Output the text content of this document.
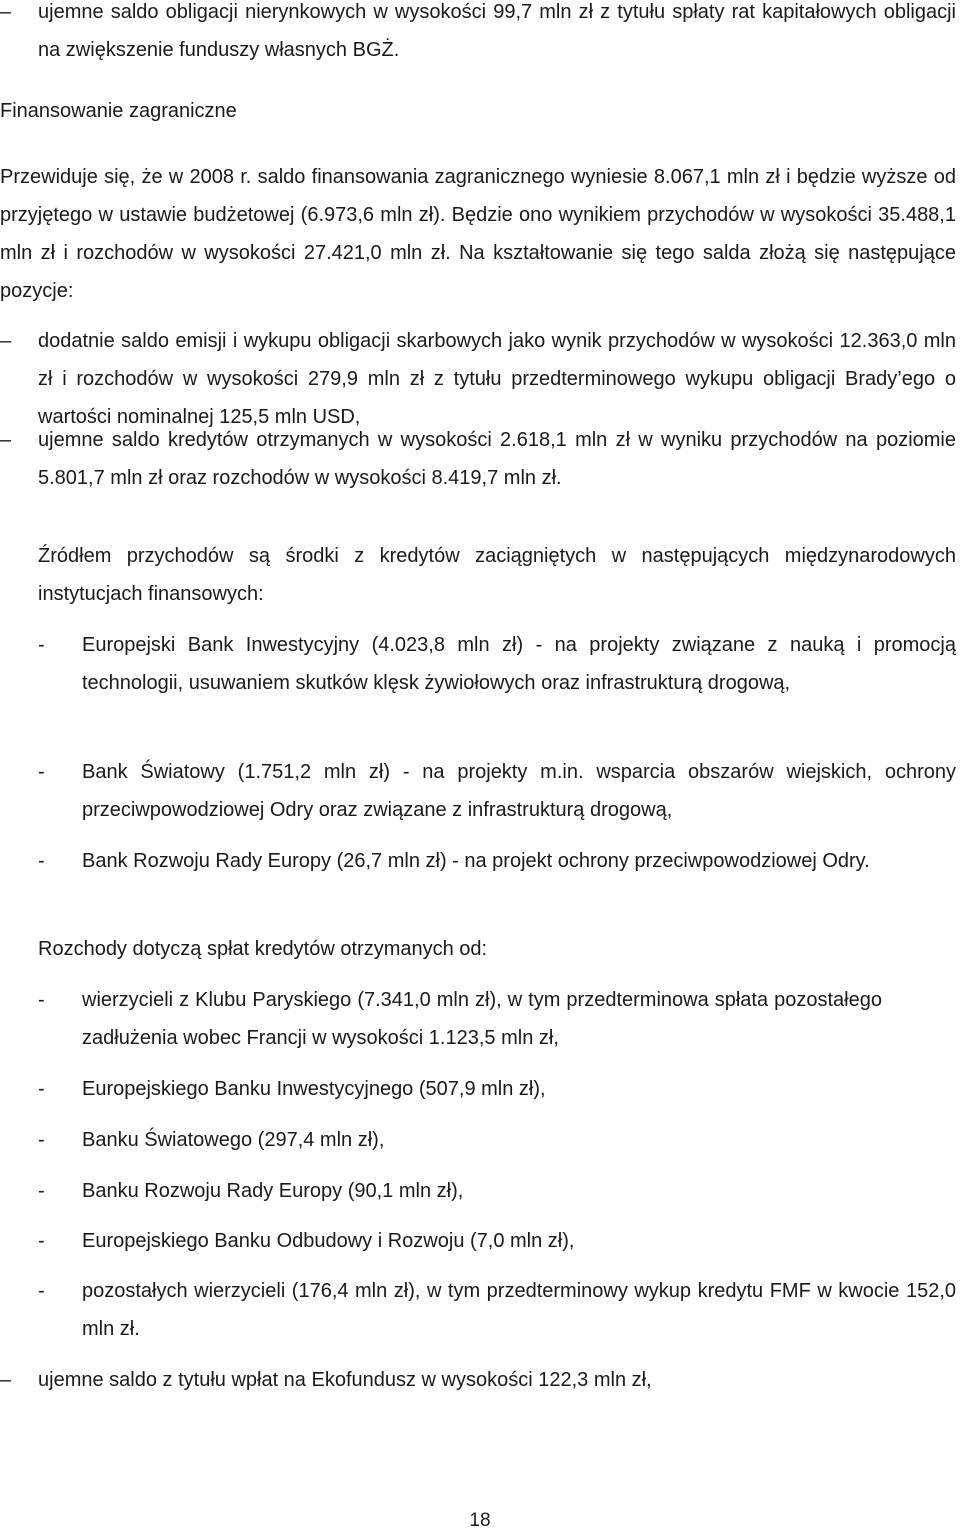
–	ujemne saldo obligacji nierynkowych w wysokości 99,7 mln zł z tytułu spłaty rat kapitałowych obligacji na zwiększenie funduszy własnych BGŻ.
Finansowanie zagraniczne

Przewiduje się, że w 2008 r. saldo finansowania zagranicznego wyniesie 8.067,1 mln zł i będzie wyższe od przyjętego w ustawie budżetowej (6.973,6 mln zł). Będzie ono wynikiem przychodów w wysokości 35.488,1 mln zł i rozchodów w wysokości 27.421,0 mln zł. Na kształtowanie się tego salda złożą się następujące pozycje:

–	dodatnie saldo emisji i wykupu obligacji skarbowych jako wynik przychodów w wysokości 12.363,0 mln zł i rozchodów w wysokości 279,9 mln zł z tytułu przedterminowego wykupu obligacji Brady’ego o wartości nominalnej 125,5 mln USD,
–	ujemne saldo kredytów otrzymanych w wysokości 2.618,1 mln zł w wyniku przychodów na poziomie 5.801,7 mln zł oraz rozchodów w wysokości 8.419,7 mln zł.

Źródłem przychodów są środki z kredytów zaciągniętych w następujących międzynarodowych instytucjach finansowych:

-	Europejski Bank Inwestycyjny (4.023,8 mln zł) - na projekty związane z nauką i promocją technologii, usuwaniem skutków klęsk żywiołowych oraz infrastrukturą drogową,
-	Bank Światowy (1.751,2 mln zł) - na projekty m.in. wsparcia obszarów wiejskich, ochrony przeciwpowodziowej Odry oraz związane z infrastrukturą drogową,
-	Bank Rozwoju Rady Europy (26,7 mln zł) - na projekt ochrony przeciwpowodziowej Odry.

Rozchody dotyczą spłat kredytów otrzymanych od:

-	wierzycieli z Klubu Paryskiego (7.341,0 mln zł), w tym przedterminowa spłata pozostałego zadłużenia wobec Francji w wysokości 1.123,5 mln zł,
-	Europejskiego Banku Inwestycyjnego (507,9 mln zł),
-	Banku Światowego (297,4 mln zł),
-	Banku Rozwoju Rady Europy (90,1 mln zł),
-	Europejskiego Banku Odbudowy i Rozwoju (7,0 mln zł),
-	pozostałych wierzycieli (176,4 mln zł), w tym przedterminowy wykup kredytu FMF w kwocie 152,0 mln zł.
–	ujemne saldo z tytułu wpłat na Ekofundusz w wysokości 122,3 mln zł,
18
